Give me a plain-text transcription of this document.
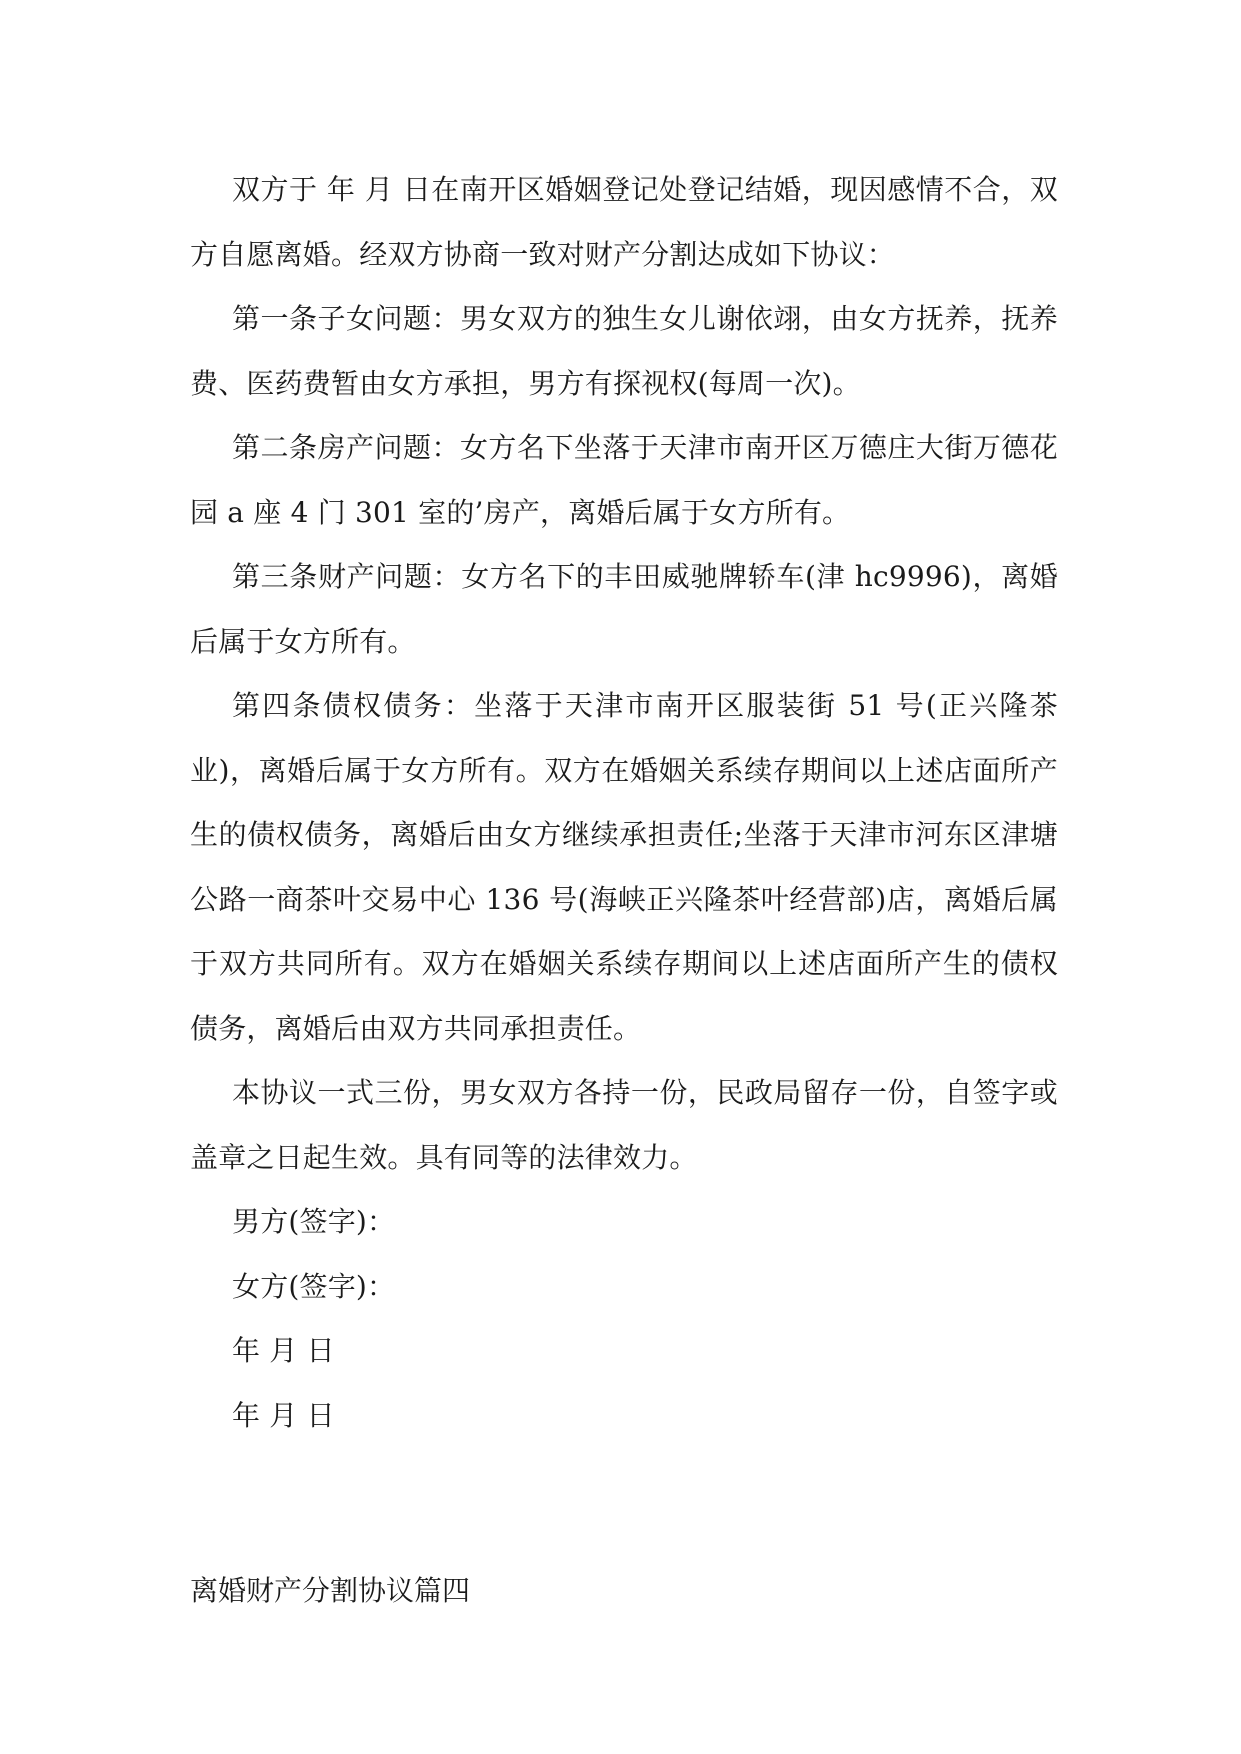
双方于 年 月 日在南开区婚姻登记处登记结婚，现因感情不合，双方自愿离婚。经双方协商一致对财产分割达成如下协议：

第一条子女问题：男女双方的独生女儿谢依翊，由女方抚养，抚养费、医药费暂由女方承担，男方有探视权(每周一次)。

第二条房产问题：女方名下坐落于天津市南开区万德庄大街万德花园 a 座 4 门 301 室的’房产，离婚后属于女方所有。

第三条财产问题：女方名下的丰田威驰牌轿车(津 hc9996)，离婚后属于女方所有。

第四条债权债务：坐落于天津市南开区服装街 51 号(正兴隆茶业)，离婚后属于女方所有。双方在婚姻关系续存期间以上述店面所产生的债权债务，离婚后由女方继续承担责任;坐落于天津市河东区津塘公路一商茶叶交易中心 136 号(海峡正兴隆茶叶经营部)店，离婚后属于双方共同所有。双方在婚姻关系续存期间以上述店面所产生的债权债务，离婚后由双方共同承担责任。

本协议一式三份，男女双方各持一份，民政局留存一份，自签字或盖章之日起生效。具有同等的法律效力。

男方(签字)：

女方(签字)：

年 月 日

年 月 日

离婚财产分割协议篇四
